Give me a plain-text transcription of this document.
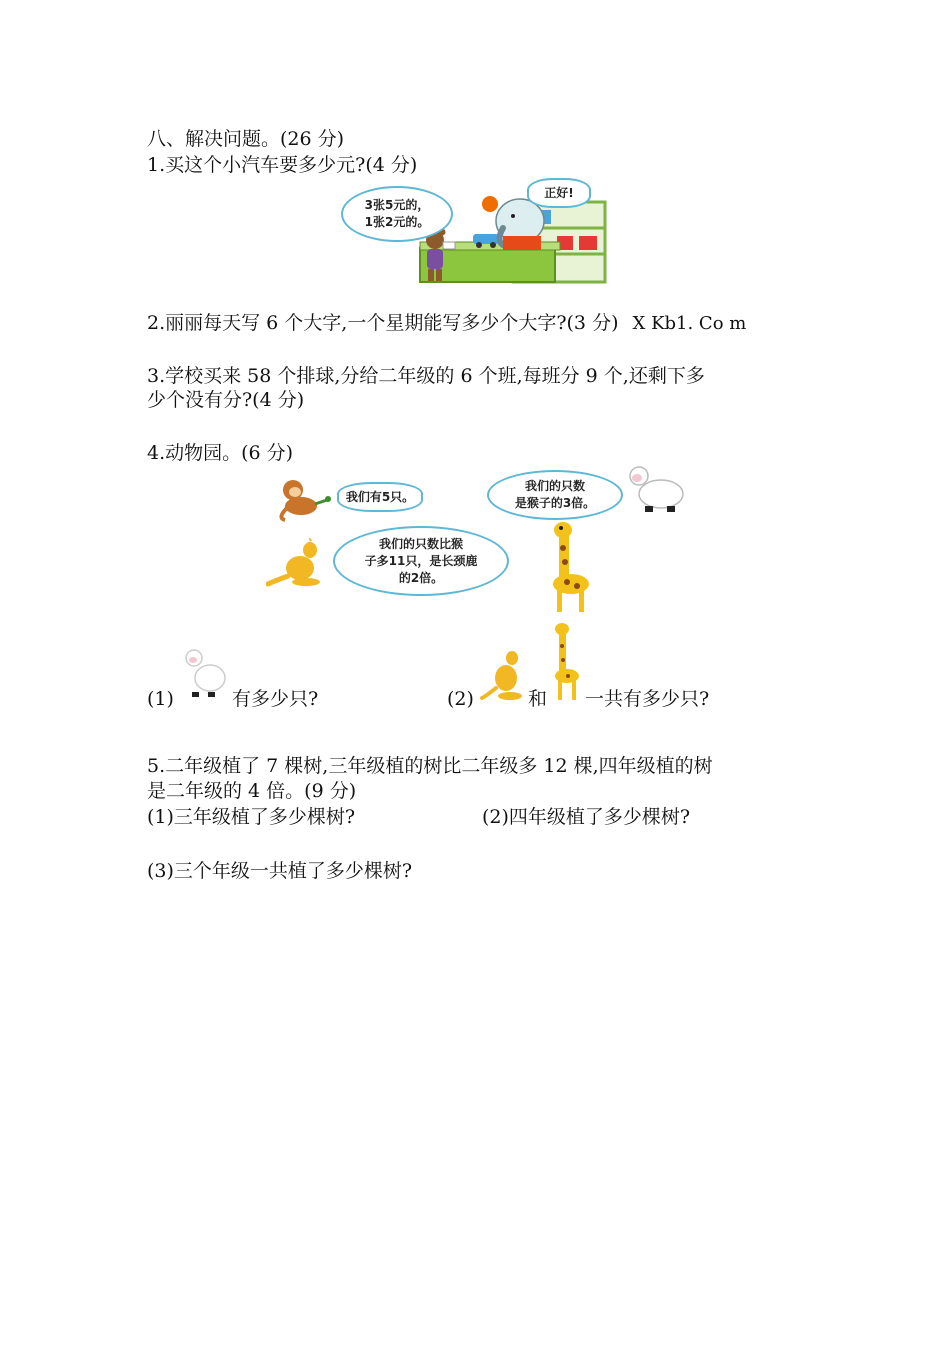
八、解决问题。(26 分)
1.买这个小汽车要多少元?(4 分)
3张5元的，
1张2元的。
正好!
2.丽丽每天写 6 个大字,一个星期能写多少个大字?(3 分) X Kb1. Co m
3.学校买来 58 个排球,分给二年级的 6 个班,每班分 9 个,还剩下多
少个没有分?(4 分)
4.动物园。(6 分)
我们有5只。
我们的只数
是猴子的3倍。
我们的只数比猴
子多11只，是长颈鹿
的2倍。
(1)	有多少只?	(2)	和 一共有多少只?
5.二年级植了 7 棵树,三年级植的树比二年级多 12 棵,四年级植的树
是二年级的 4 倍。(9 分)
(1)三年级植了多少棵树?	(2)四年级植了多少棵树?
(3)三个年级一共植了多少棵树?
